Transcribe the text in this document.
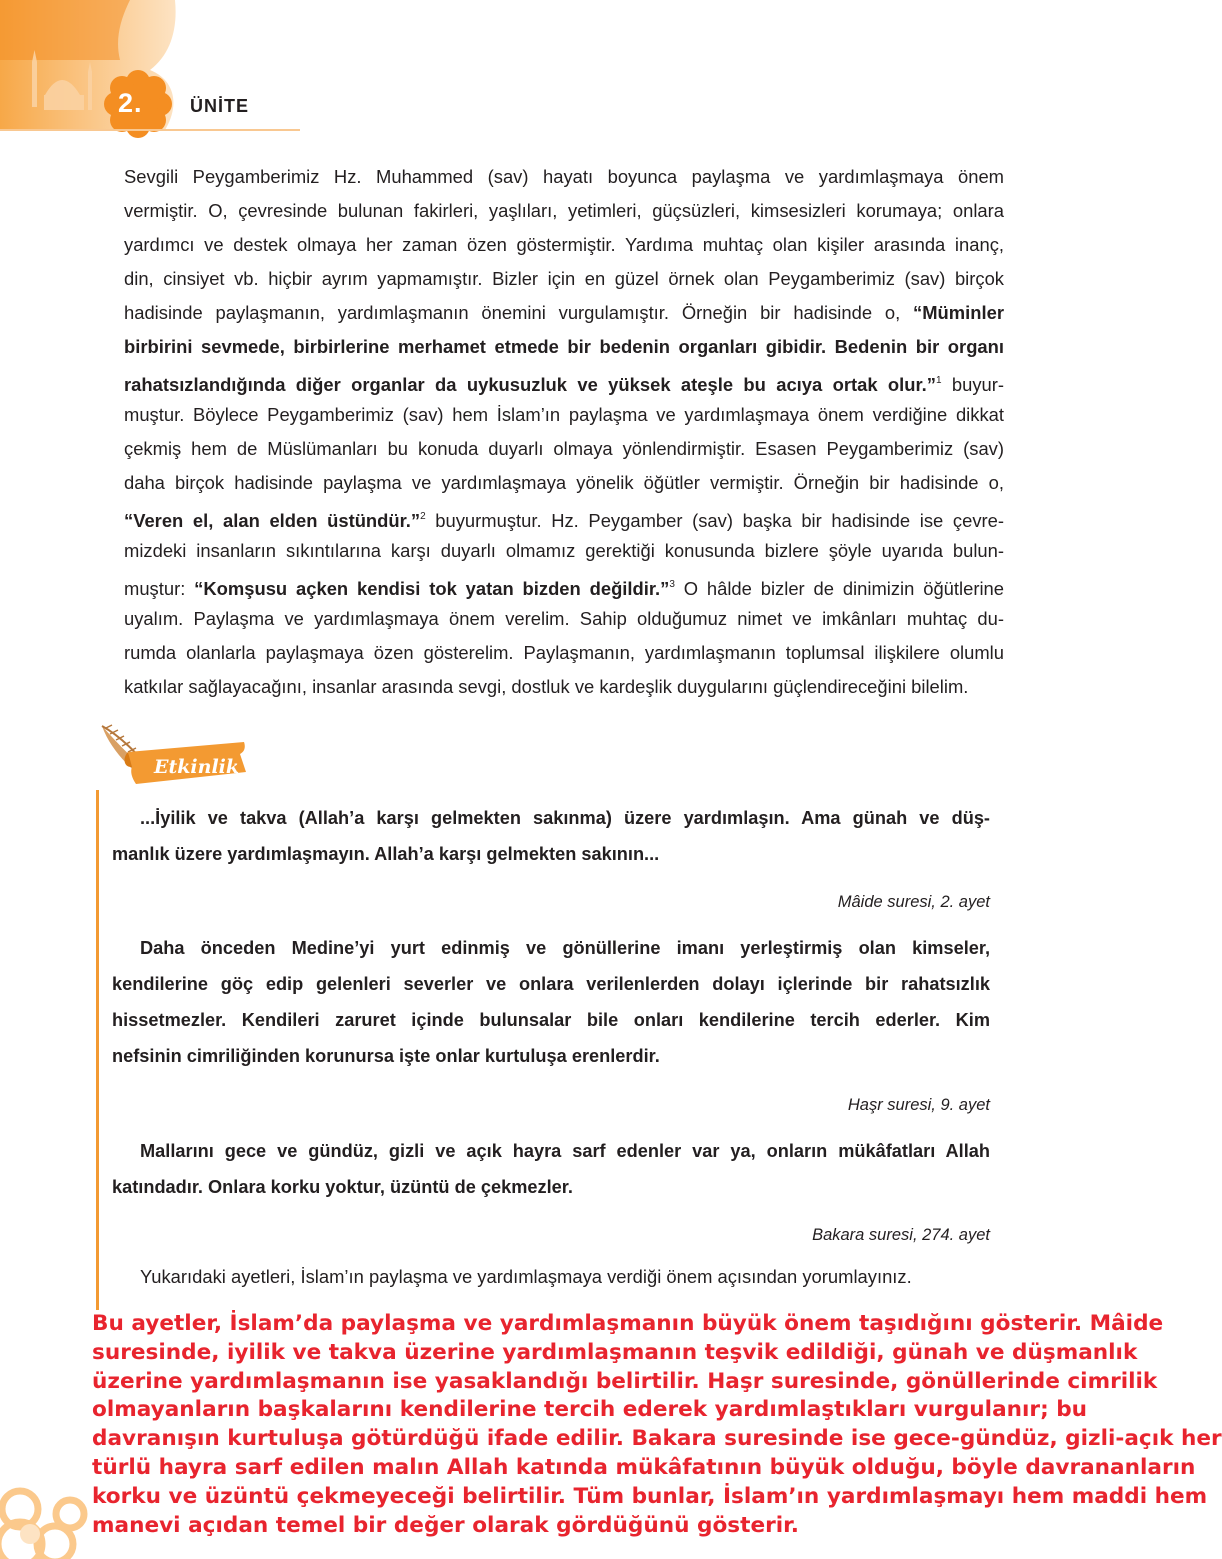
2.	ÜNİTE
Sevgili Peygamberimiz Hz. Muhammed (sav) hayatı boyunca paylaşma ve yardımlaşmaya önem
vermiştir. O, çevresinde bulunan fakirleri, yaşlıları, yetimleri, güçsüzleri, kimsesizleri korumaya; onlara
yardımcı ve destek olmaya her zaman özen göstermiştir. Yardıma muhtaç olan kişiler arasında inanç,
din, cinsiyet vb. hiçbir ayrım yapmamıştır. Bizler için en güzel örnek olan Peygamberimiz (sav) birçok
hadisinde paylaşmanın, yardımlaşmanın önemini vurgulamıştır. Örneğin bir hadisinde o, “Müminler
birbirini sevmede, birbirlerine merhamet etmede bir bedenin organları gibidir. Bedenin bir organı
rahatsızlandığında diğer organlar da uykusuzluk ve yüksek ateşle bu acıya ortak olur.”$^1$ buyur-
muştur. Böylece Peygamberimiz (sav) hem İslam’ın paylaşma ve yardımlaşmaya önem verdiğine dikkat
çekmiş hem de Müslümanları bu konuda duyarlı olmaya yönlendirmiştir. Esasen Peygamberimiz (sav)
daha birçok hadisinde paylaşma ve yardımlaşmaya yönelik öğütler vermiştir. Örneğin bir hadisinde o,
“Veren el, alan elden üstündür.”$^2$ buyurmuştur. Hz. Peygamber (sav) başka bir hadisinde ise çevre-
mizdeki insanların sıkıntılarına karşı duyarlı olmamız gerektiği konusunda bizlere şöyle uyarıda bulun-
muştur: “Komşusu açken kendisi tok yatan bizden değildir.”$^3$ O hâlde bizler de dinimizin öğütlerine
uyalım. Paylaşma ve yardımlaşmaya önem verelim. Sahip olduğumuz nimet ve imkânları muhtaç du-
rumda olanlarla paylaşmaya özen gösterelim. Paylaşmanın, yardımlaşmanın toplumsal ilişkilere olumlu
katkılar sağlayacağını, insanlar arasında sevgi, dostluk ve kardeşlik duygularını güçlendireceğini bilelim.
Etkinlik
...İyilik ve takva (Allah’a karşı gelmekten sakınma) üzere yardımlaşın. Ama günah ve düş-
manlık üzere yardımlaşmayın. Allah’a karşı gelmekten sakının...
Mâide suresi, 2. ayet
Daha önceden Medine’yi yurt edinmiş ve gönüllerine imanı yerleştirmiş olan kimseler,
kendilerine göç edip gelenleri severler ve onlara verilenlerden dolayı içlerinde bir rahatsızlık
hissetmezler. Kendileri zaruret içinde bulunsalar bile onları kendilerine tercih ederler. Kim
nefsinin cimriliğinden korunursa işte onlar kurtuluşa erenlerdir.
Haşr suresi, 9. ayet
Mallarını gece ve gündüz, gizli ve açık hayra sarf edenler var ya, onların mükâfatları Allah
katındadır. Onlara korku yoktur, üzüntü de çekmezler.
Bakara suresi, 274. ayet
Yukarıdaki ayetleri, İslam’ın paylaşma ve yardımlaşmaya verdiği önem açısından yorumlayınız.
Bu ayetler, İslam’da paylaşma ve yardımlaşmanın büyük önem taşıdığını gösterir. Mâide
suresinde, iyilik ve takva üzerine yardımlaşmanın teşvik edildiği, günah ve düşmanlık
üzerine yardımlaşmanın ise yasaklandığı belirtilir. Haşr suresinde, gönüllerinde cimrilik
olmayanların başkalarını kendilerine tercih ederek yardımlaştıkları vurgulanır; bu
davranışın kurtuluşa götürdüğü ifade edilir. Bakara suresinde ise gece-gündüz, gizli-açık her
türlü hayra sarf edilen malın Allah katında mükâfatının büyük olduğu, böyle davrananların
korku ve üzüntü çekmeyeceği belirtilir. Tüm bunlar, İslam’ın yardımlaşmayı hem maddi hem
manevi açıdan temel bir değer olarak gördüğünü gösterir.
